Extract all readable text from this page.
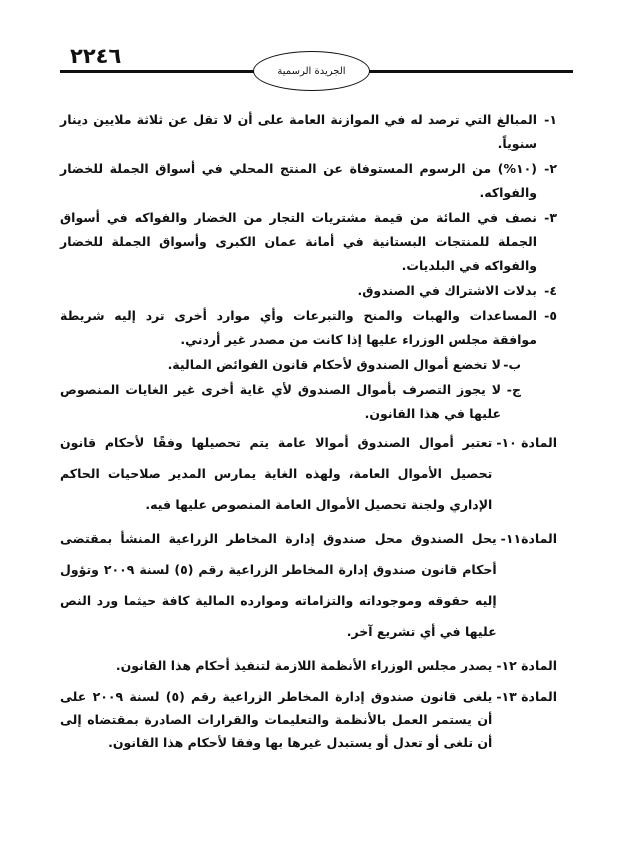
٢٢٤٦
الجريدة الرسمية
١-
المبالغ التي ترصد له في الموازنة العامة على أن لا تقل عن ثلاثة ملايين دينار سنوياً.
٢-
(١٠%) من الرسوم المستوفاة عن المنتج المحلي في أسواق الجملة للخضار والفواكه.
٣-
نصف في المائة من قيمة مشتريات التجار من الخضار والفواكه في أسواق الجملة للمنتجات البستانية في أمانة عمان الكبرى وأسواق الجملة للخضار والفواكه في البلديات.
٤-
بدلات الاشتراك في الصندوق.
٥-
المساعدات والهبات والمنح والتبرعات وأي موارد أخرى ترد إليه شريطة موافقة مجلس الوزراء عليها إذا كانت من مصدر غير أردني.
ب-
لا تخضع أموال الصندوق لأحكام قانون الفوائض المالية.
ج-
لا يجوز التصرف بأموال الصندوق لأي غاية أخرى غير الغايات المنصوص عليها في هذا القانون.
المادة ١٠-
تعتبر أموال الصندوق أموالا عامة يتم تحصيلها وفقًا لأحكام قانون تحصيل الأموال العامة، ولهذه الغاية يمارس المدير صلاحيات الحاكم الإداري ولجنة تحصيل الأموال العامة المنصوص عليها فيه.
المادة١١-
يحل الصندوق محل صندوق إدارة المخاطر الزراعية المنشأ بمقتضى أحكام قانون صندوق إدارة المخاطر الزراعية رقم (٥) لسنة ٢٠٠٩ وتؤول إليه حقوقه وموجوداته والتزاماته وموارده المالية كافة حيثما ورد النص عليها في أي تشريع آخر.
المادة ١٢-
يصدر مجلس الوزراء الأنظمة اللازمة لتنفيذ أحكام هذا القانون.
المادة ١٣-
يلغى قانون صندوق إدارة المخاطر الزراعية رقم (٥) لسنة ٢٠٠٩ على أن يستمر العمل بالأنظمة والتعليمات والقرارات الصادرة بمقتضاه إلى أن تلغى أو تعدل أو يستبدل غيرها بها وفقا لأحكام هذا القانون.
